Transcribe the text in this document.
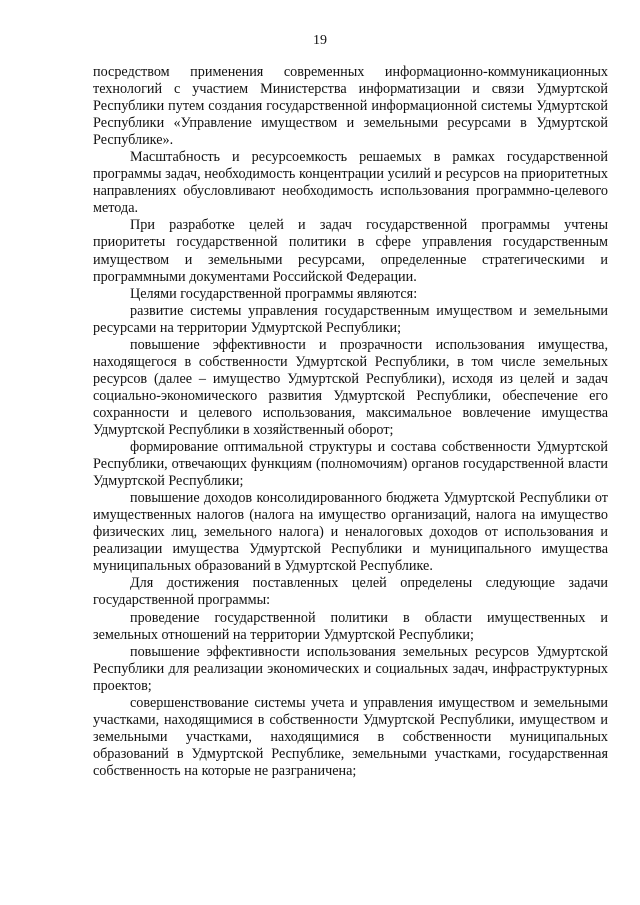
19

посредством применения современных информационно-коммуникационных технологий с участием Министерства информатизации и связи Удмуртской Республики путем создания государственной информационной системы Удмуртской Республики «Управление имуществом и земельными ресурсами в Удмуртской Республике».

Масштабность и ресурсоемкость решаемых в рамках государственной программы задач, необходимость концентрации усилий и ресурсов на приоритетных направлениях обусловливают необходимость использования программно-целевого метода.

При разработке целей и задач государственной программы учтены приоритеты государственной политики в сфере управления государственным имуществом и земельными ресурсами, определенные стратегическими и программными документами Российской Федерации.

Целями государственной программы являются:

развитие системы управления государственным имуществом и земельными ресурсами на территории Удмуртской Республики;

повышение эффективности и прозрачности использования имущества, находящегося в собственности Удмуртской Республики, в том числе земельных ресурсов (далее – имущество Удмуртской Республики), исходя из целей и задач социально-экономического развития Удмуртской Республики, обеспечение его сохранности и целевого использования, максимальное вовлечение имущества Удмуртской Республики в хозяйственный оборот;

формирование оптимальной структуры и состава собственности Удмуртской Республики, отвечающих функциям (полномочиям) органов государственной власти Удмуртской Республики;

повышение доходов консолидированного бюджета Удмуртской Республики от имущественных налогов (налога на имущество организаций, налога на имущество физических лиц, земельного налога) и неналоговых доходов от использования и реализации имущества Удмуртской Республики и муниципального имущества муниципальных образований в Удмуртской Республике.

Для достижения поставленных целей определены следующие задачи государственной программы:

проведение государственной политики в области имущественных и земельных отношений на территории Удмуртской Республики;

повышение эффективности использования земельных ресурсов Удмуртской Республики для реализации экономических и социальных задач, инфраструктурных проектов;

совершенствование системы учета и управления имуществом и земельными участками, находящимися в собственности Удмуртской Республики, имуществом и земельными участками, находящимися в собственности муниципальных образований в Удмуртской Республике, земельными участками, государственная собственность на которые не разграничена;
